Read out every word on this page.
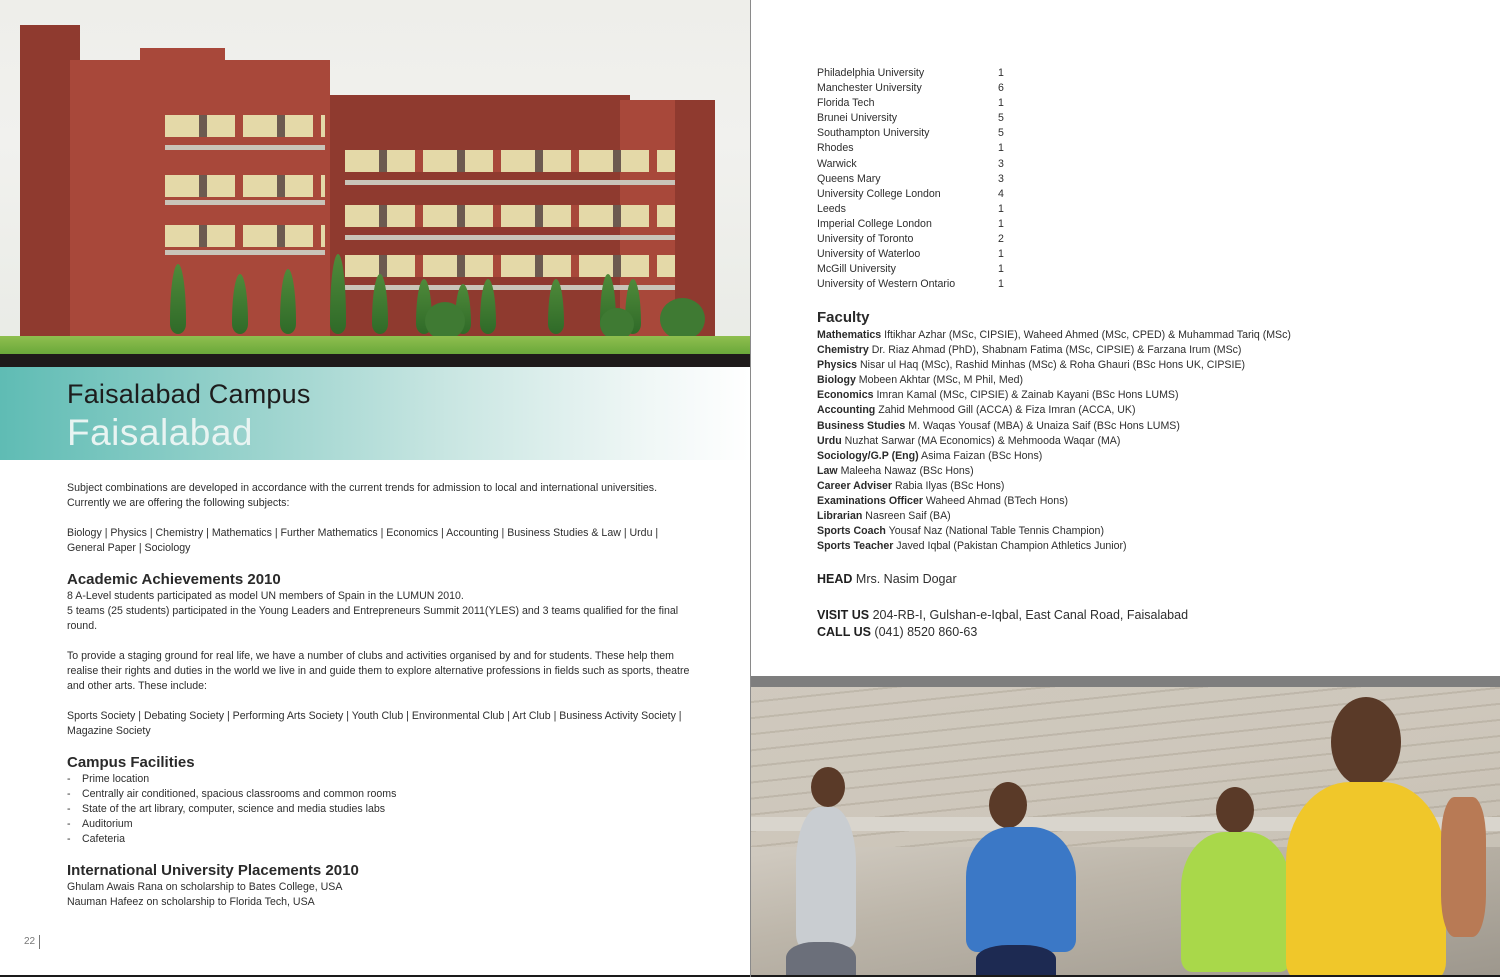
Faisalabad Campus
Faisalabad

Subject combinations are developed in accordance with the current trends for admission to local and international universities. Currently we are offering the following subjects:

Biology | Physics | Chemistry | Mathematics | Further Mathematics | Economics | Accounting | Business Studies & Law | Urdu | General Paper | Sociology

Academic Achievements 2010

8 A-Level students participated as model UN members of Spain in the LUMUN 2010.

5 teams (25 students) participated in the Young Leaders and Entrepreneurs Summit 2011(YLES) and 3 teams qualified for the final round.

To provide a staging ground for real life, we have a number of clubs and activities organised by and for students. These help them realise their rights and duties in the world we live in and guide them to explore alternative professions in fields such as sports, theatre and other arts. These include:

Sports Society | Debating Society | Performing Arts Society | Youth Club | Environmental Club | Art Club | Business Activity Society | Magazine Society

Campus Facilities
-	Prime location
-	Centrally air conditioned, spacious classrooms and common rooms
-	State of the art library, computer, science and media studies labs
-	Auditorium
-	Cafeteria
International University Placements 2010

Ghulam Awais Rana on scholarship to Bates College, USA

Nauman Hafeez on scholarship to Florida Tech, USA

22
Philadelphia University	1
Manchester University	6
Florida Tech	1
Brunei University	5
Southampton University	5
Rhodes	1
Warwick	3
Queens Mary	3
University College London	4
Leeds	1
Imperial College London	1
University of Toronto	2
University of Waterloo	1
McGill University	1
University of Western Ontario	1
Faculty
Mathematics Iftikhar Azhar (MSc, CIPSIE), Waheed Ahmed (MSc, CPED) & Muhammad Tariq (MSc)
Chemistry Dr. Riaz Ahmad (PhD), Shabnam Fatima (MSc, CIPSIE) & Farzana Irum (MSc)
Physics Nisar ul Haq (MSc), Rashid Minhas (MSc) & Roha Ghauri (BSc Hons UK, CIPSIE)
Biology Mobeen Akhtar (MSc, M Phil, Med)
Economics Imran Kamal (MSc, CIPSIE) & Zainab Kayani (BSc Hons LUMS)
Accounting Zahid Mehmood Gill (ACCA) & Fiza Imran (ACCA, UK)
Business Studies M. Waqas Yousaf (MBA) & Unaiza Saif (BSc Hons LUMS)
Urdu Nuzhat Sarwar (MA Economics) & Mehmooda Waqar (MA)
Sociology/G.P (Eng) Asima Faizan (BSc Hons)
Law Maleeha Nawaz (BSc Hons)
Career Adviser Rabia Ilyas (BSc Hons)
Examinations Officer Waheed Ahmad (BTech Hons)
Librarian Nasreen Saif (BA)
Sports Coach Yousaf Naz (National Table Tennis Champion)
Sports Teacher Javed Iqbal (Pakistan Champion Athletics Junior)
HEAD Mrs. Nasim Dogar
VISIT US 204-RB-I, Gulshan-e-Iqbal, East Canal Road, Faisalabad
CALL US (041) 8520 860-63
